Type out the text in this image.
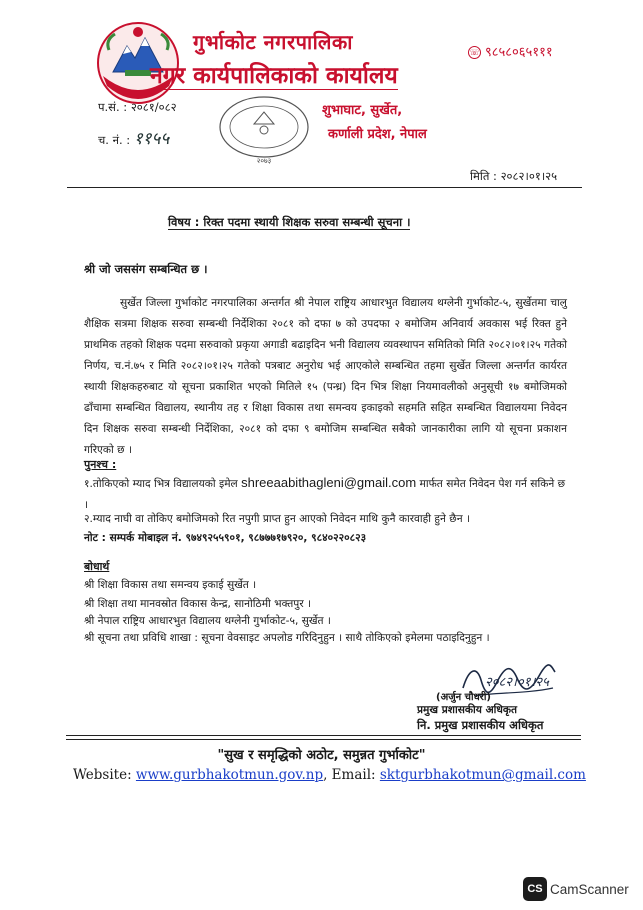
गुर्भाकोट नगरपालिका
नगर कार्यपालिकाको कार्यालय
☏ ९८५८०६५१११
शुभाघाट, सुर्खेत,
कर्णाली प्रदेश, नेपाल
प.सं. : २०८१/०८२
च. नं. : ११५५
२०७३
मिति : २०८२।०१।२५
विषय : रिक्त पदमा स्थायी शिक्षक सरुवा सम्बन्धी सूचना ।
श्री जो जससंग सम्बन्धित छ ।
सुर्खेत जिल्ला गुर्भाकोट नगरपालिका अन्तर्गत श्री नेपाल राष्ट्रिय आधारभुत विद्यालय थग्लेनी गुर्भाकोट-५, सुर्खेतमा चालु शैक्षिक सत्रमा शिक्षक सरुवा सम्बन्धी निर्देशिका २०८१ को दफा ७ को उपदफा २ बमोजिम अनिवार्य अवकास भई रिक्त हुने प्राथमिक तहको शिक्षक पदमा सरुवाको प्रकृया अगाडी बढाइदिन भनी विद्यालय व्यवस्थापन समितिको मिति २०८२।०१।२५ गतेको निर्णय, च.नं.७५ र मिति २०८२।०१।२५ गतेको पत्रबाट अनुरोध भई आएकोले सम्बन्धित तहमा सुर्खेत जिल्ला अन्तर्गत कार्यरत स्थायी शिक्षकहरुबाट यो सूचना प्रकाशित भएको मितिले १५ (पन्ध्र) दिन भित्र शिक्षा नियमावलीको अनुसूची १७ बमोजिमको ढाँचामा सम्बन्धित विद्यालय, स्थानीय तह र शिक्षा विकास तथा समन्वय इकाइको सहमति सहित सम्बन्धित विद्यालयमा निवेदन दिन शिक्षक सरुवा सम्बन्धी निर्देशिका, २०८१ को दफा ९ बमोजिम सम्बन्धित सबैको जानकारीका लागि यो सूचना प्रकाशन गरिएको छ ।
पुनश्च :
१.तोकिएको म्याद भित्र विद्यालयको इमेल shreeaabithagleni@gmail.com मार्फत समेत निवेदन पेश गर्न सकिने छ ।
२.म्याद नाघी वा तोकिए बमोजिमको रित नपुगी प्राप्त हुन आएको निवेदन माथि कुनै कारवाही हुने छैन ।
नोट : सम्पर्क मोबाइल नं. ९७४९२५५९०१, ९८७७७१७९२०, ९८४०२२०८२३
बोधार्थ
श्री शिक्षा विकास तथा समन्वय इकाई सुर्खेत ।
श्री शिक्षा तथा मानवस्रोत विकास केन्द्र, सानोठिमी भक्तपुर ।
श्री नेपाल राष्ट्रिय आधारभुत विद्यालय थग्लेनी गुर्भाकोट-५, सुर्खेत ।
श्री सूचना तथा प्रविधि शाखा : सूचना वेवसाइट अपलोड गरिदिनुहुन । साथै तोकिएको इमेलमा पठाइदिनुहुन ।
२०८२।०१।२५
(अर्जुन चौधरी)
प्रमुख प्रशासकीय अधिकृत
नि. प्रमुख प्रशासकीय अधिकृत
"सुख र समृद्धिको अठोट, समुन्नत गुर्भाकोट"
Website: www.gurbhakotmun.gov.np, Email: sktgurbhakotmun@gmail.com
CS CamScanner
